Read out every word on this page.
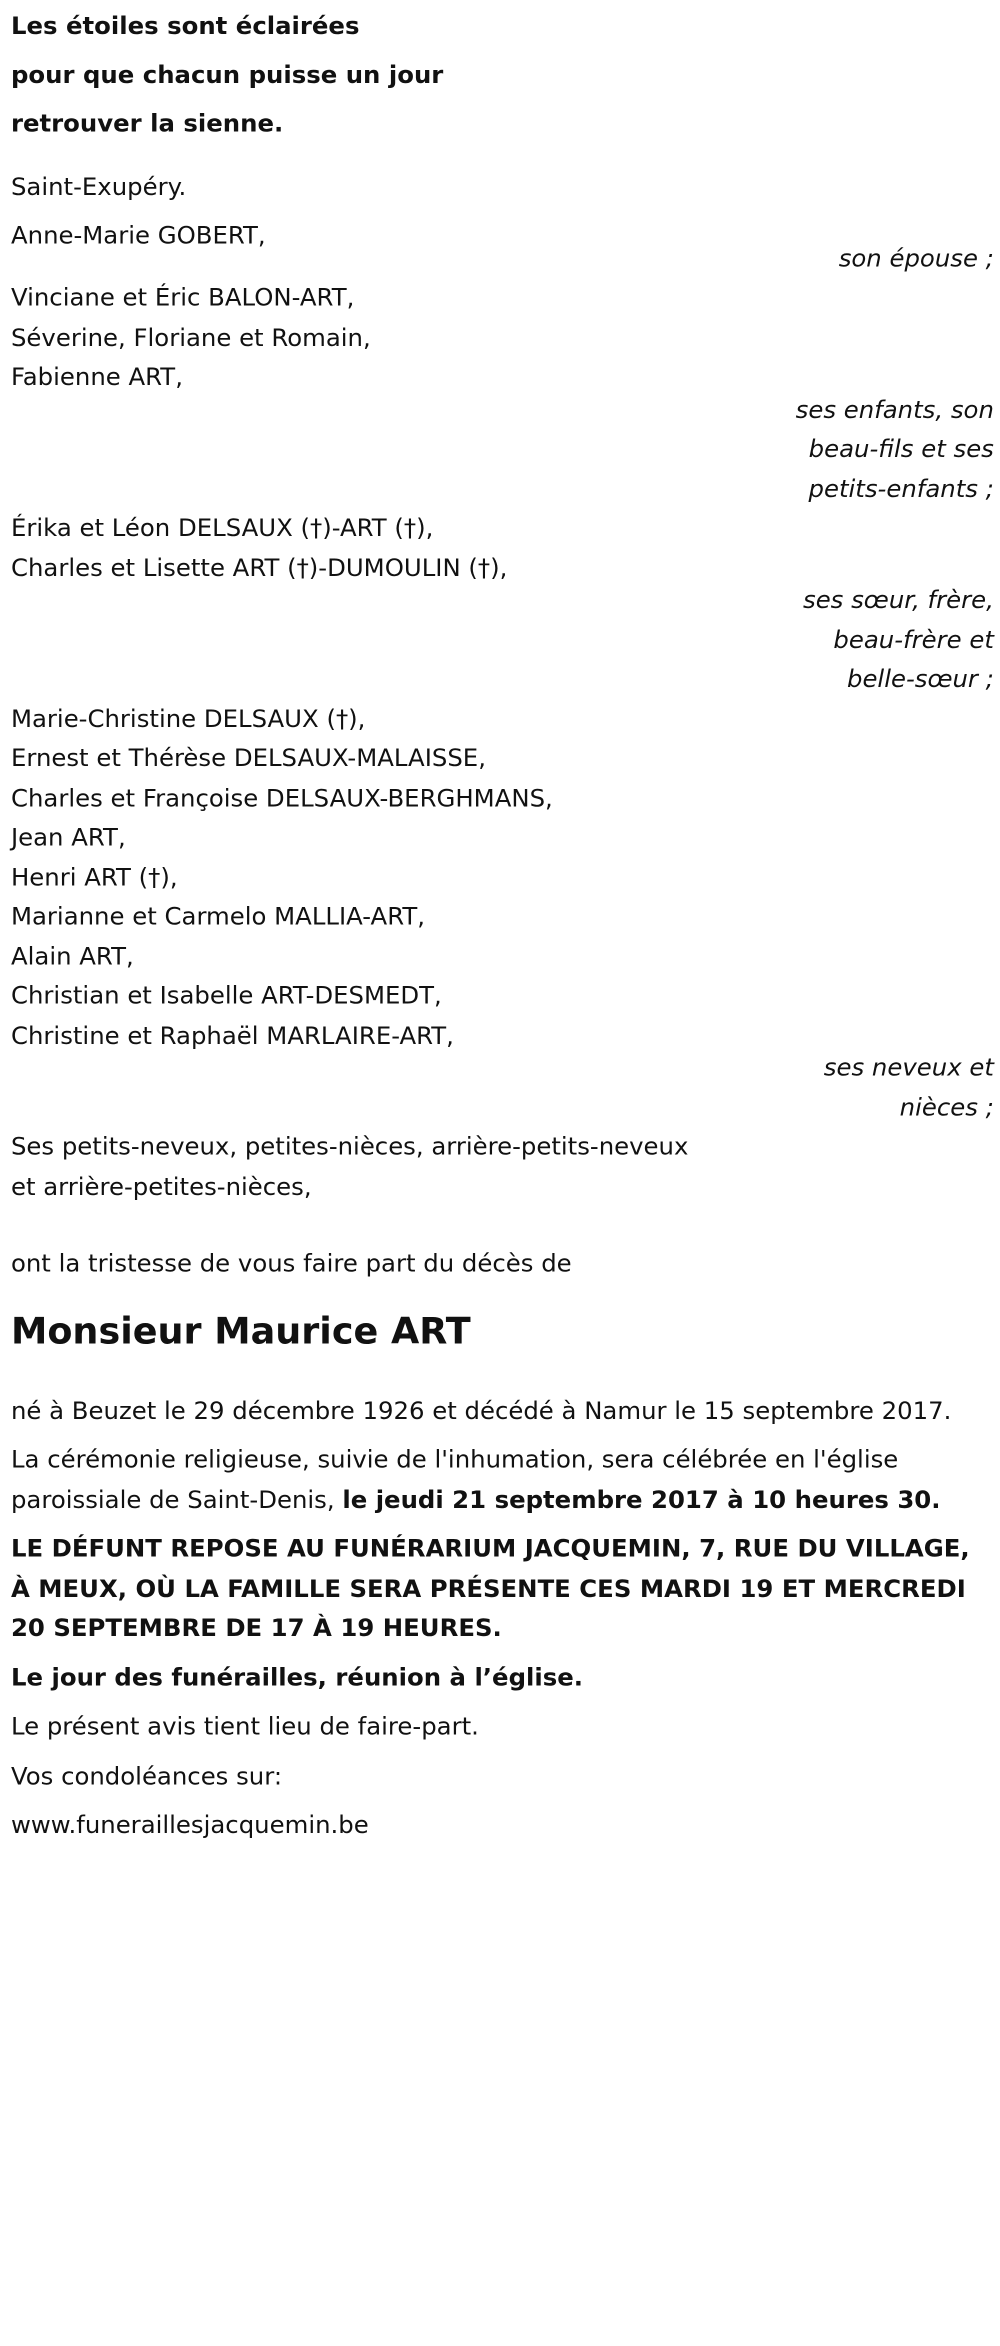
Les étoiles sont éclairées
pour que chacun puisse un jour
retrouver la sienne.
Saint-Exupéry.
Anne-Marie GOBERT,
son épouse ;
Vinciane et Éric BALON-ART,
Séverine, Floriane et Romain,
Fabienne ART,
ses enfants, son
beau-fils et ses
petits-enfants ;
Érika et Léon DELSAUX (†)-ART (†),
Charles et Lisette ART (†)-DUMOULIN (†),
ses sœur, frère,
beau-frère et
belle-sœur ;
Marie-Christine DELSAUX (†),
Ernest et Thérèse DELSAUX-MALAISSE,
Charles et Françoise DELSAUX-BERGHMANS,
Jean ART,
Henri ART (†),
Marianne et Carmelo MALLIA-ART,
Alain ART,
Christian et Isabelle ART-DESMEDT,
Christine et Raphaël MARLAIRE-ART,
ses neveux et
nièces ;
Ses petits-neveux, petites-nièces, arrière-petits-neveux
et arrière-petites-nièces,
ont la tristesse de vous faire part du décès de
Monsieur Maurice ART
né à Beuzet le 29 décembre 1926 et décédé à Namur le 15 septembre 2017.
La cérémonie religieuse, suivie de l'inhumation, sera célébrée en l'église paroissiale de Saint-Denis, le jeudi 21 septembre 2017 à 10 heures 30.
LE DÉFUNT REPOSE AU FUNÉRARIUM JACQUEMIN, 7, RUE DU VILLAGE, À MEUX, OÙ LA FAMILLE SERA PRÉSENTE CES MARDI 19 ET MERCREDI 20 SEPTEMBRE DE 17 À 19 HEURES.
Le jour des funérailles, réunion à l’église.
Le présent avis tient lieu de faire-part.
Vos condoléances sur:
www.funeraillesjacquemin.be
